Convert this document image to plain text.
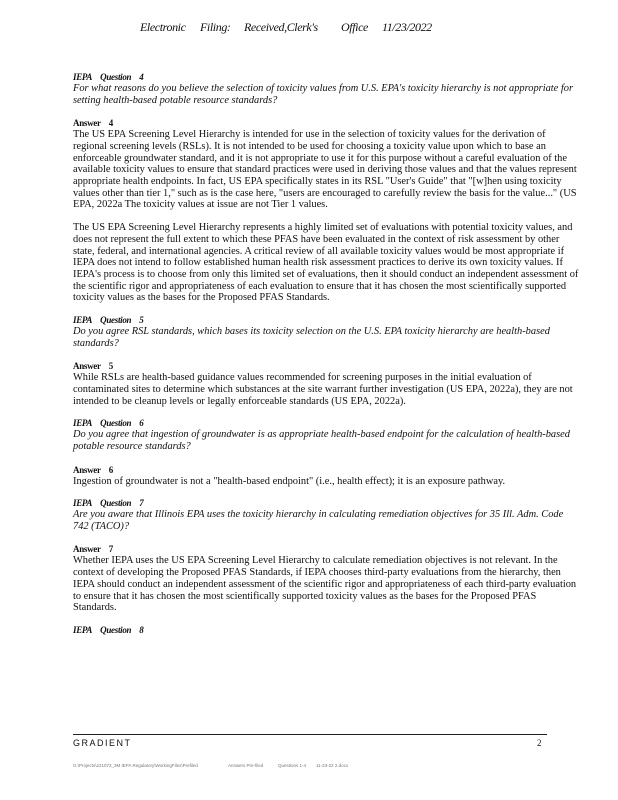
Electronic Filing: Received,Clerk's Office 11/23/2022
IEPA Question 4
For what reasons do you believe the selection of toxicity values from U.S. EPA's toxicity hierarchy is not appropriate for setting health-based potable resource standards?
Answer 4
The US EPA Screening Level Hierarchy is intended for use in the selection of toxicity values for the derivation of regional screening levels (RSLs). It is not intended to be used for choosing a toxicity value upon which to base an enforceable groundwater standard, and it is not appropriate to use it for this purpose without a careful evaluation of the available toxicity values to ensure that standard practices were used in deriving those values and that the values represent appropriate health endpoints. In fact, US EPA specifically states in its RSL "User's Guide" that "[w]hen using toxicity values other than tier 1," such as is the case here, "users are encouraged to carefully review the basis for the value..." (US EPA, 2022a The toxicity values at issue are not Tier 1 values.
The US EPA Screening Level Hierarchy represents a highly limited set of evaluations with potential toxicity values, and does not represent the full extent to which these PFAS have been evaluated in the context of risk assessment by other state, federal, and international agencies. A critical review of all available toxicity values would be most appropriate if IEPA does not intend to follow established human health risk assessment practices to derive its own toxicity values. If IEPA's process is to choose from only this limited set of evaluations, then it should conduct an independent assessment of the scientific rigor and appropriateness of each evaluation to ensure that it has chosen the most scientifically supported toxicity values as the bases for the Proposed PFAS Standards.
IEPA Question 5
Do you agree RSL standards, which bases its toxicity selection on the U.S. EPA toxicity hierarchy are health-based standards?
Answer 5
While RSLs are health-based guidance values recommended for screening purposes in the initial evaluation of contaminated sites to determine which substances at the site warrant further investigation (US EPA, 2022a), they are not intended to be cleanup levels or legally enforceable standards (US EPA, 2022a).
IEPA Question 6
Do you agree that ingestion of groundwater is as appropriate health-based endpoint for the calculation of health-based potable resource standards?
Answer 6
Ingestion of groundwater is not a "health-based endpoint" (i.e., health effect); it is an exposure pathway.
IEPA Question 7
Are you aware that Illinois EPA uses the toxicity hierarchy in calculating remediation objectives for 35 Ill. Adm. Code 742 (TACO)?
Answer 7
Whether IEPA uses the US EPA Screening Level Hierarchy to calculate remediation objectives is not relevant. In the context of developing the Proposed PFAS Standards, if IEPA chooses third-party evaluations from the hierarchy, then IEPA should conduct an independent assessment of the scientific rigor and appropriateness of each third-party evaluation to ensure that it has chosen the most scientifically supported toxicity values as the bases for the Proposed PFAS Standards.
IEPA Question 8
GRADIENT	2
G:\Projects\221072_3M IEPA Regulatory\WorkingFiles\Prefiled	Answers Pre-filed	Questions 1-4 11-23-22 2.docx
